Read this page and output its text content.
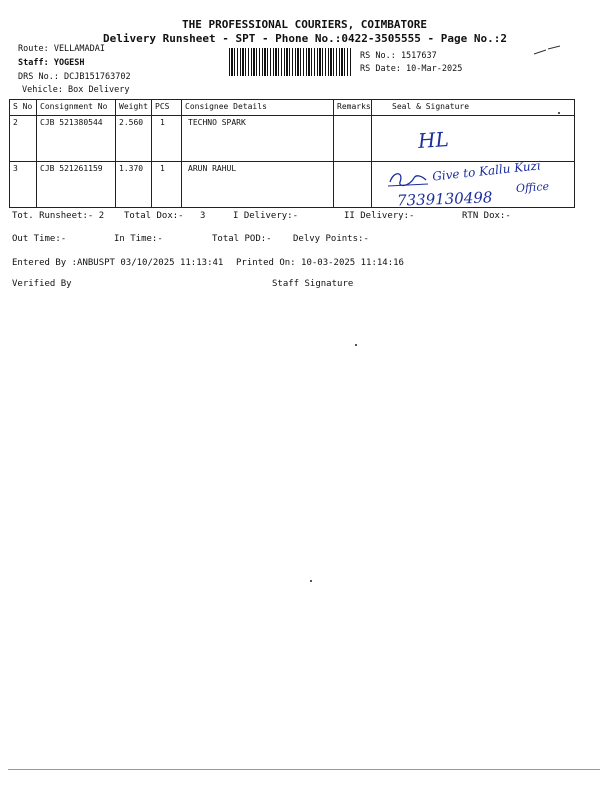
THE PROFESSIONAL COURIERS, COIMBATORE
Delivery Runsheet - SPT - Phone No.:0422-3505555 - Page No.:2
Route: VELLAMADAI
Staff: YOGESH
DRS No.: DCJB151763702
Vehicle: Box Delivery
RS No.: 1517637
RS Date: 10-Mar-2025
S No	Consignment No	Weight	PCS	Consignee Details	Remarks	Seal & Signature
2	CJB 521380544	2.560	1	TECHNO SPARK		
3	CJB 521261159	1.370	1	ARUN RAHUL		
HL
Give to Kallu Kuzi
Office
7339130498
Tot. Runsheet:- 2 Total Dox:- 3	I Delivery:-	II Delivery:-	RTN Dox:-
Out Time:-	In Time:-	Total POD:- Delvy Points:-
Entered By :ANBUSPT 03/10/2025 11:13:41 Printed On: 10-03-2025 11:14:16
Verified By	Staff Signature
